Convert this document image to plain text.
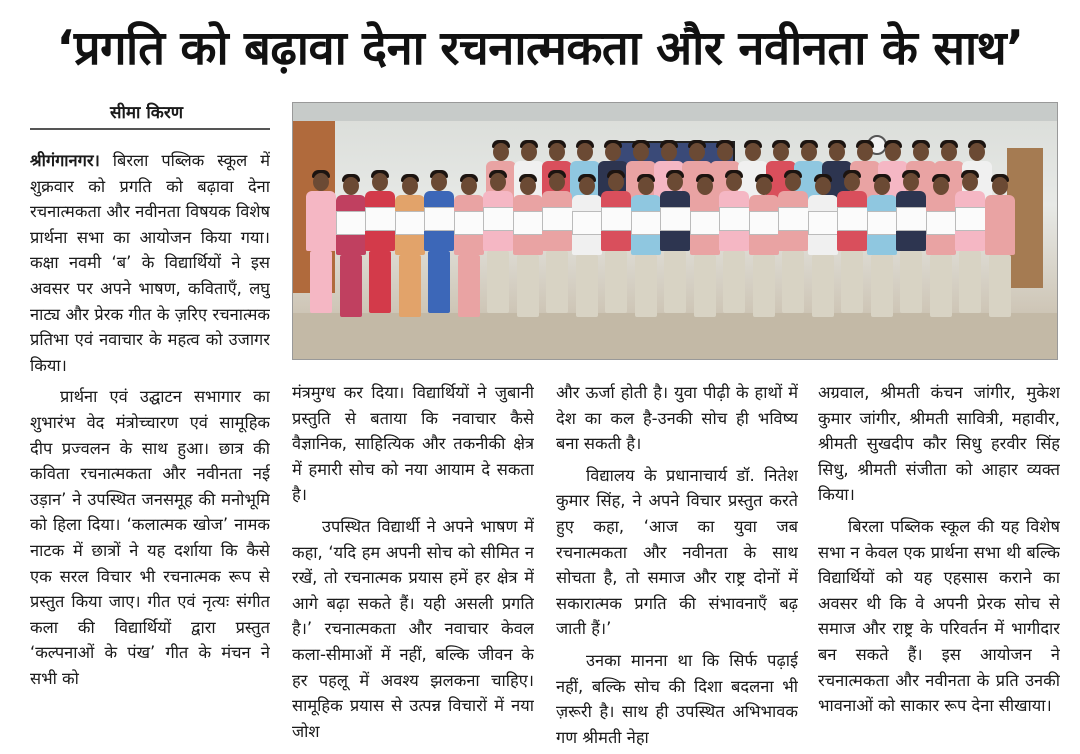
‘प्रगति को बढ़ावा देना रचनात्मकता और नवीनता के साथ’
सीमा किरण

श्रीगंगानगर। बिरला पब्लिक स्कूल में शुक्रवार को प्रगति को बढ़ावा देना रचनात्मकता और नवीनता विषयक विशेष प्रार्थना सभा का आयोजन किया गया। कक्षा नवमी ‘ब’ के विद्यार्थियों ने इस अवसर पर अपने भाषण, कविताएँ, लघु नाट्य और प्रेरक गीत के ज़रिए रचनात्मक प्रतिभा एवं नवाचार के महत्व को उजागर किया।

प्रार्थना एवं उद्घाटन सभागार का शुभारंभ वेद मंत्रोच्चारण एवं सामूहिक दीप प्रज्वलन के साथ हुआ। छात्र की कविता रचनात्मकता और नवीनता नई उड़ान’ ने उपस्थित जनसमूह की मनोभूमि को हिला दिया। ‘कलात्मक खोज’ नामक नाटक में छात्रों ने यह दर्शाया कि कैसे एक सरल विचार भी रचनात्मक रूप से प्रस्तुत किया जाए। गीत एवं नृत्यः संगीत कला की विद्यार्थियों द्वारा प्रस्तुत ‘कल्पनाओं के पंख’ गीत के मंचन ने सभी को

मंत्रमुग्ध कर दिया। विद्यार्थियों ने जुबानी प्रस्तुति से बताया कि नवाचार कैसे वैज्ञानिक, साहित्यिक और तकनीकी क्षेत्र में हमारी सोच को नया आयाम दे सकता है।

उपस्थित विद्यार्थी ने अपने भाषण में कहा, ‘यदि हम अपनी सोच को सीमित न रखें, तो रचनात्मक प्रयास हमें हर क्षेत्र में आगे बढ़ा सकते हैं। यही असली प्रगति है।’ रचनात्मकता और नवाचार केवल कला-सीमाओं में नहीं, बल्कि जीवन के हर पहलू में अवश्य झलकना चाहिए। सामूहिक प्रयास से उत्पन्न विचारों में नया जोश

और ऊर्जा होती है। युवा पीढ़ी के हाथों में देश का कल है-उनकी सोच ही भविष्य बना सकती है।

विद्यालय के प्रधानाचार्य डॉ. नितेश कुमार सिंह, ने अपने विचार प्रस्तुत करते हुए कहा, ‘आज का युवा जब रचनात्मकता और नवीनता के साथ सोचता है, तो समाज और राष्ट्र दोनों में सकारात्मक प्रगति की संभावनाएँ बढ़ जाती हैं।’

उनका मानना था कि सिर्फ पढ़ाई नहीं, बल्कि सोच की दिशा बदलना भी ज़रूरी है। साथ ही उपस्थित अभिभावक गण श्रीमती नेहा

अग्रवाल, श्रीमती कंचन जांगीर, मुकेश कुमार जांगीर, श्रीमती सावित्री, महावीर, श्रीमती सुखदीप कौर सिधु हरवीर सिंह सिधु, श्रीमती संजीता को आहार व्यक्त किया।

बिरला पब्लिक स्कूल की यह विशेष सभा न केवल एक प्रार्थना सभा थी बल्कि विद्यार्थियों को यह एहसास कराने का अवसर थी कि वे अपनी प्रेरक सोच से समाज और राष्ट्र के परिवर्तन में भागीदार बन सकते हैं। इस आयोजन ने रचनात्मकता और नवीनता के प्रति उनकी भावनाओं को साकार रूप देना सीखाया।
